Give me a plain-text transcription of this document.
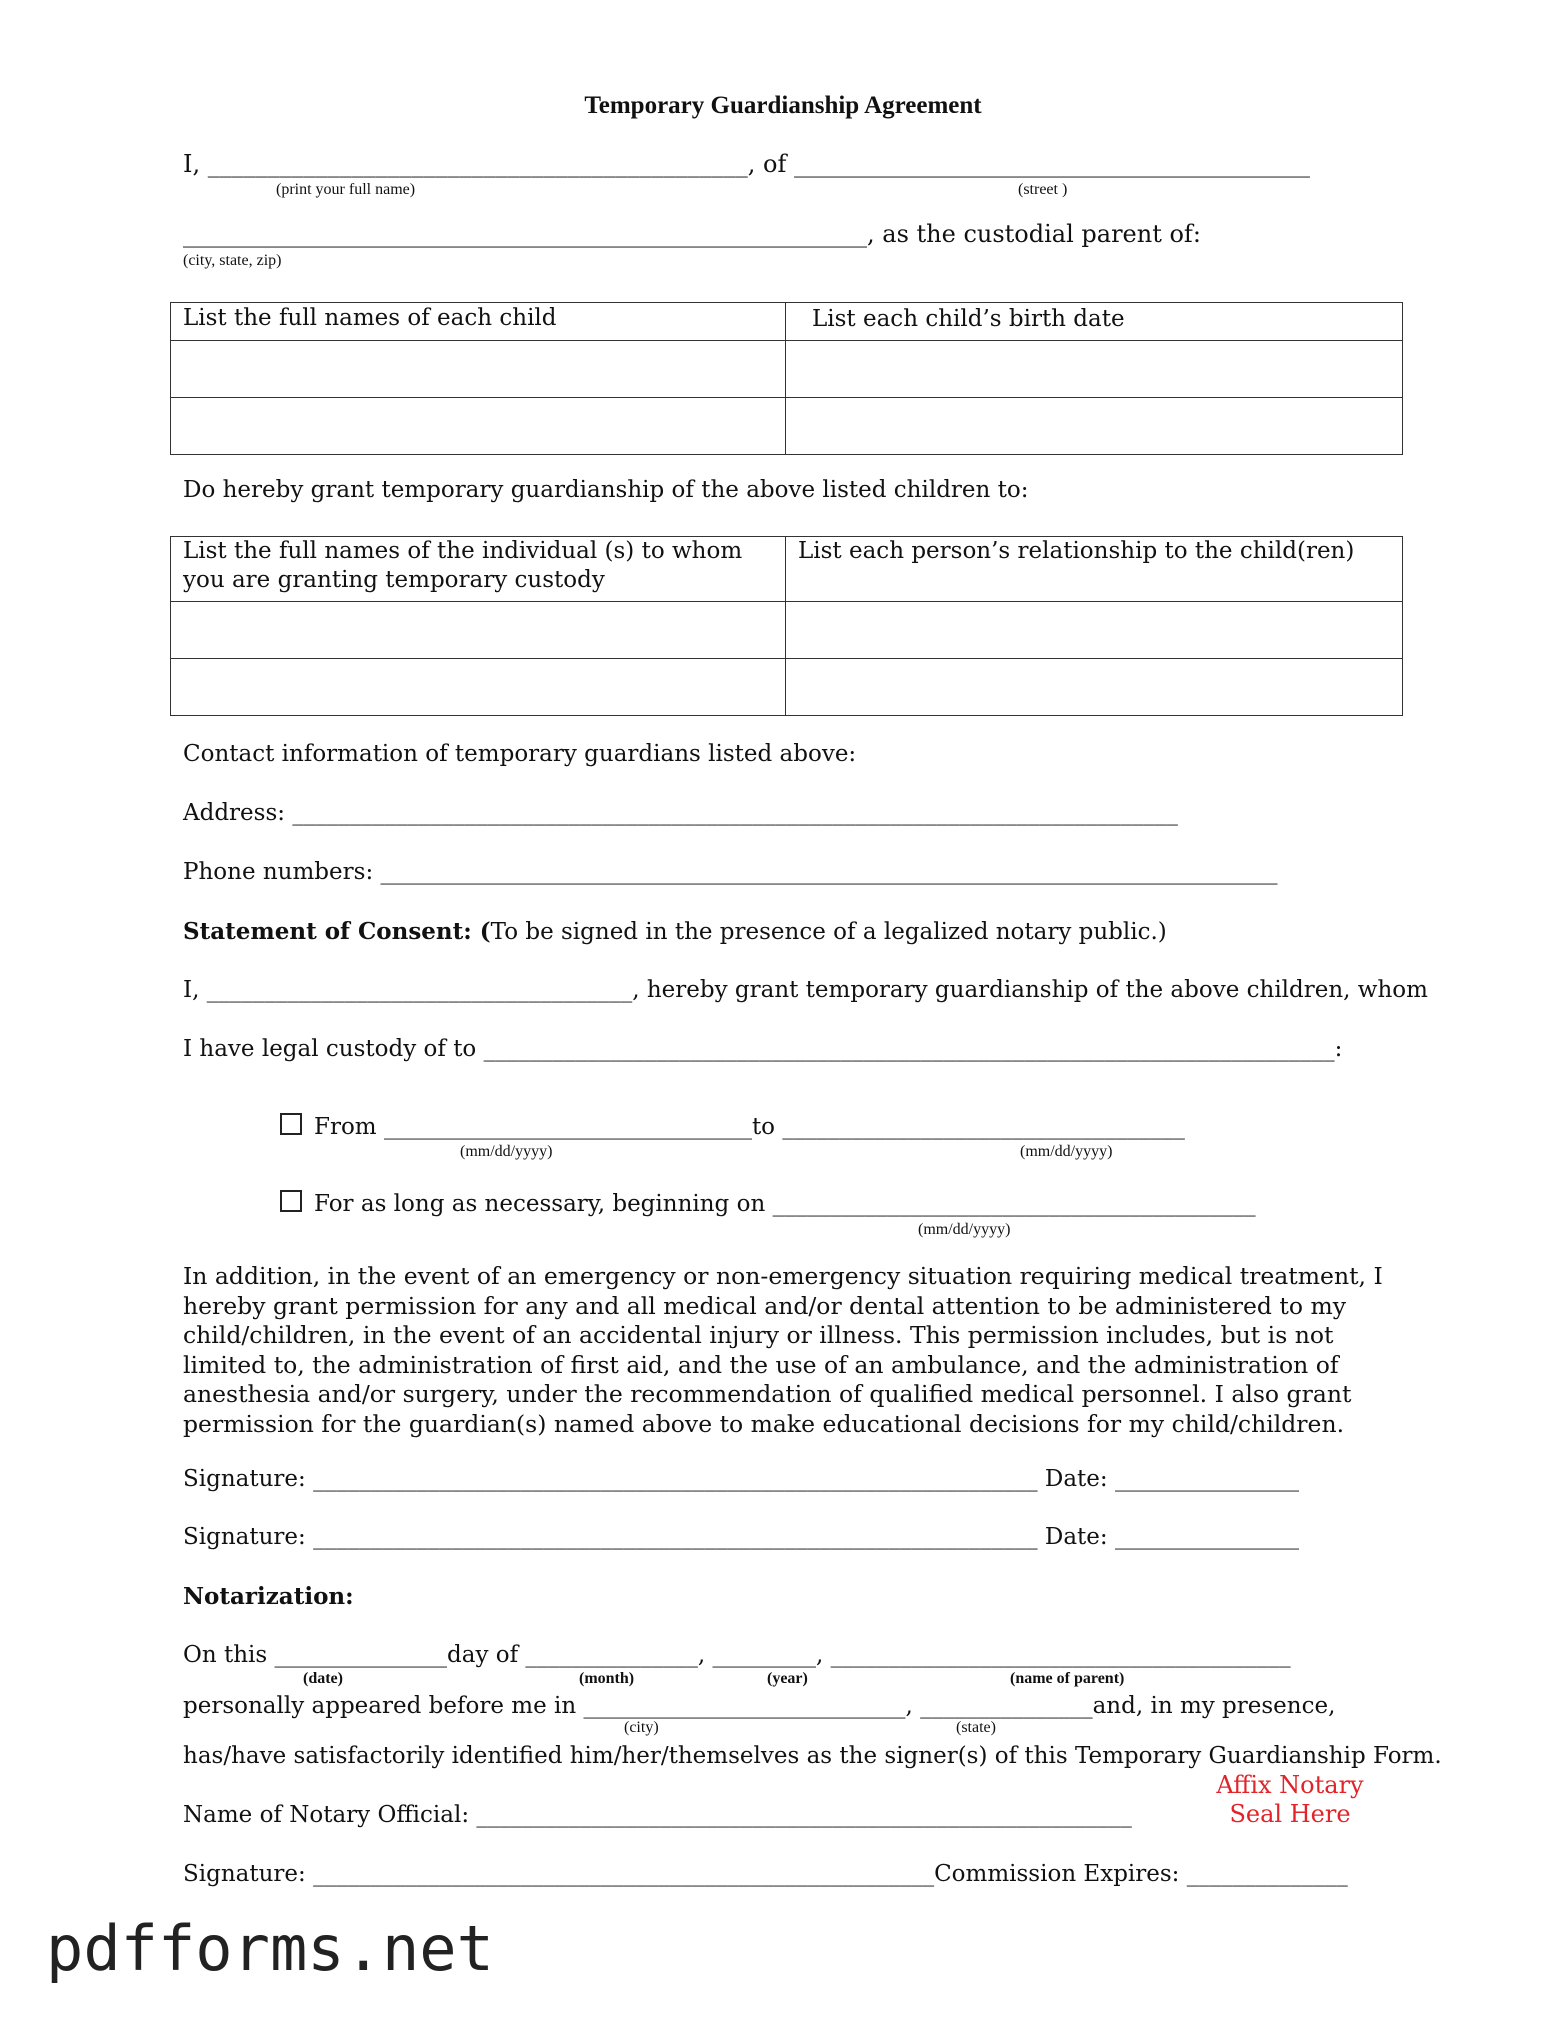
Temporary Guardianship Agreement
I, _____________________________________________, of ___________________________________________
(print your full name)	(street )
_________________________________________________________, as the custodial parent of:
(city, state, zip)
List the full names of each child	List each child’s birth date

Do hereby grant temporary guardianship of the above listed children to:
List the full names of the individual (s) to whom you are granting temporary custody	List each person’s relationship to the child(ren)

Contact information of temporary guardians listed above:
Address: _____________________________________________________________________________
Phone numbers: ______________________________________________________________________________
Statement of Consent: (To be signed in the presence of a legalized notary public.)
I, _____________________________________, hereby grant temporary guardianship of the above children, whom
I have legal custody of to __________________________________________________________________________:
From ________________________________to ___________________________________
(mm/dd/yyyy)	(mm/dd/yyyy)
For as long as necessary, beginning on __________________________________________
(mm/dd/yyyy)
In addition, in the event of an emergency or non-emergency situation requiring medical treatment, I hereby grant permission for any and all medical and/or dental attention to be administered to my child/children, in the event of an accidental injury or illness. This permission includes, but is not limited to, the administration of first aid, and the use of an ambulance, and the administration of anesthesia and/or surgery, under the recommendation of qualified medical personnel. I also grant permission for the guardian(s) named above to make educational decisions for my child/children.
Signature: _______________________________________________________________ Date: ________________
Signature: _______________________________________________________________ Date: ________________
Notarization:
On this _______________day of _______________, _________, ________________________________________
(date)	(month)	(year)	(name of parent)
personally appeared before me in ____________________________, _______________and, in my presence,
(city)	(state)
has/have satisfactorily identified him/her/themselves as the signer(s) of this Temporary Guardianship Form.
Affix Notary
Seal Here
Name of Notary Official: _________________________________________________________
Signature: ______________________________________________________Commission Expires: ______________
pdfforms.net
